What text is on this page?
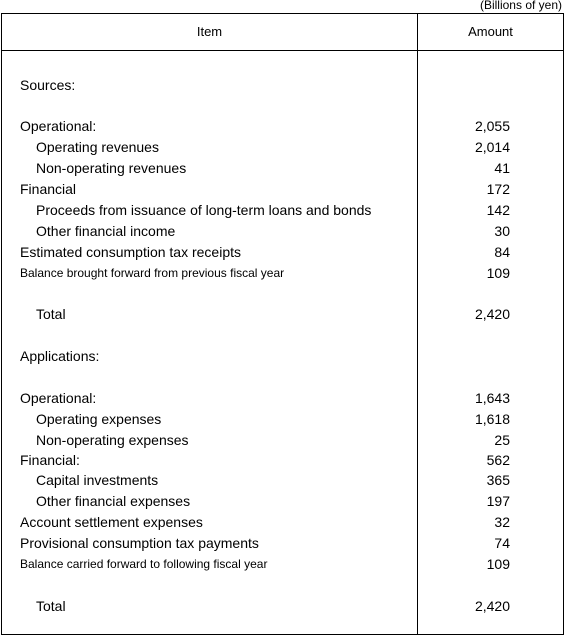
(Billions of yen)
Item	Amount
Sources:
Operational:	2,055
Operating revenues	2,014
Non-operating revenues	41
Financial	172
Proceeds from issuance of long-term loans and bonds	142
Other financial income	30
Estimated consumption tax receipts	84
Balance brought forward from previous fiscal year	109
Total	2,420
Applications:
Operational:	1,643
Operating expenses	1,618
Non-operating expenses	25
Financial:	562
Capital investments	365
Other financial expenses	197
Account settlement expenses	32
Provisional consumption tax payments	74
Balance carried forward to following fiscal year	109
Total	2,420
